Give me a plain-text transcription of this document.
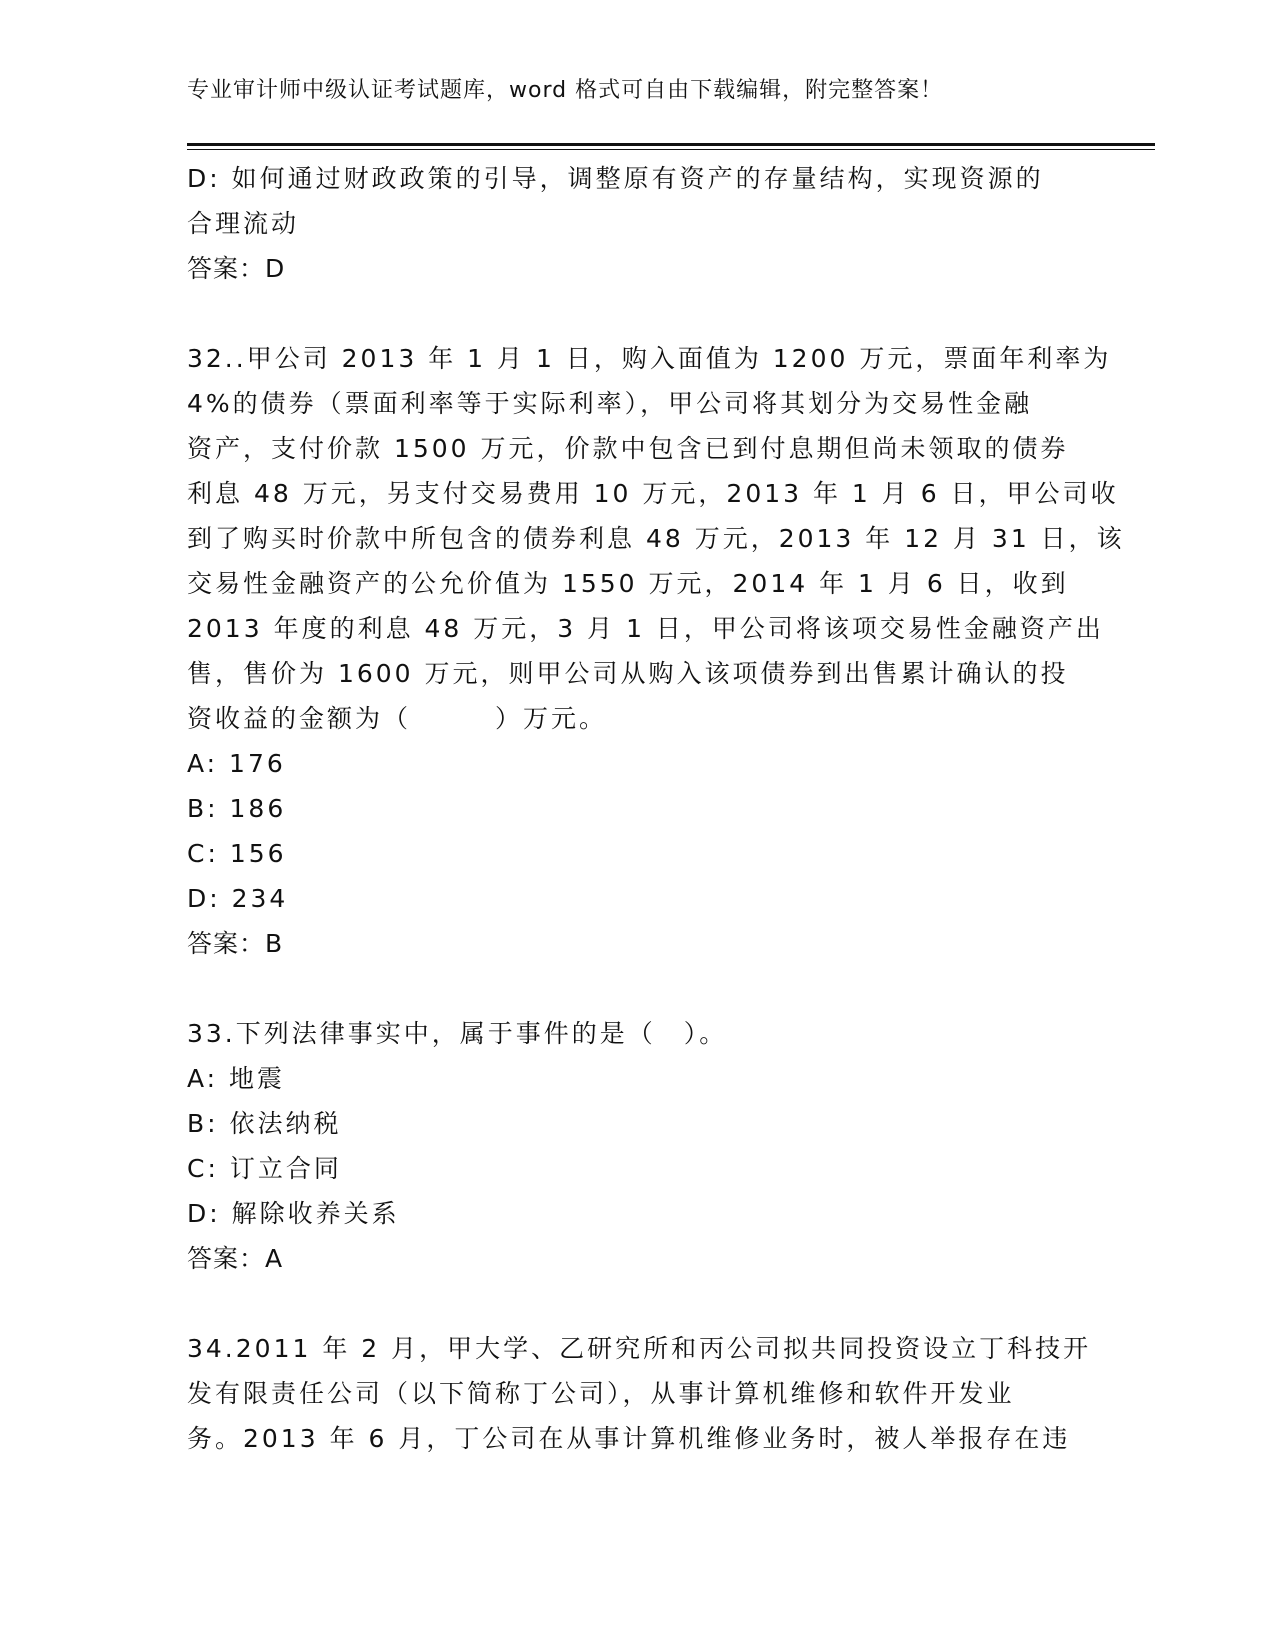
专业审计师中级认证考试题库，word 格式可自由下载编辑，附完整答案！
D: 如何通过财政政策的引导，调整原有资产的存量结构，实现资源的
合理流动
答案：D
32..甲公司 2013 年 1 月 1 日，购入面值为 1200 万元，票面年利率为
4%的债券（票面利率等于实际利率），甲公司将其划分为交易性金融
资产，支付价款 1500 万元，价款中包含已到付息期但尚未领取的债券
利息 48 万元，另支付交易费用 10 万元，2013 年 1 月 6 日，甲公司收
到了购买时价款中所包含的债券利息 48 万元，2013 年 12 月 31 日，该
交易性金融资产的公允价值为 1550 万元，2014 年 1 月 6 日，收到
2013 年度的利息 48 万元，3 月 1 日，甲公司将该项交易性金融资产出
售，售价为 1600 万元，则甲公司从购入该项债券到出售累计确认的投
资收益的金额为（　　　）万元。
A: 176
B: 186
C: 156
D: 234
答案：B
33.下列法律事实中，属于事件的是（　）。
A: 地震
B: 依法纳税
C: 订立合同
D: 解除收养关系
答案：A
34.2011 年 2 月，甲大学、乙研究所和丙公司拟共同投资设立丁科技开
发有限责任公司（以下简称丁公司），从事计算机维修和软件开发业
务。2013 年 6 月，丁公司在从事计算机维修业务时，被人举报存在违
